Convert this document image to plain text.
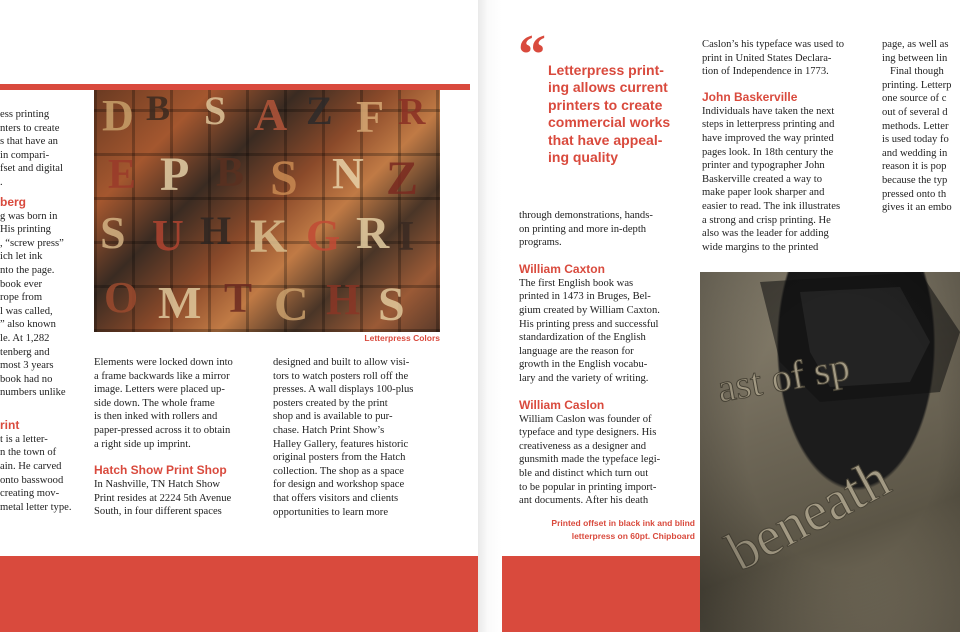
ess printing

nters to create

s that have an

in compari-

fset and digital

.

berg

g was born in

His printing

, “screw press”

ich let ink

nto the page.

book ever

rope from

l was called,

” also known

le. At 1,282

tenberg and

most 3 years

book had no

numbers unlike

rint

t is a letter-

n the town of

ain. He carved

onto basswood

creating mov-

metal letter type.

D B S A Z F R
E P B S N Z
S U H K G R I
O M T C H S
Letterpress Colors

Elements were locked down into

a frame backwards like a mirror

image. Letters were placed up-

side down. The whole frame

is then inked with rollers and

paper-pressed across it to obtain

a right side up imprint.

Hatch Show Print Shop

In Nashville, TN Hatch Show

Print resides at 2224 5th Avenue

South, in four different spaces

designed and built to allow visi-

tors to watch posters roll off the

presses. A wall displays 100-plus

posters created by the print

shop and is available to pur-

chase. Hatch Print Show’s

Halley Gallery, features historic

original posters from the Hatch

collection. The shop as a space

for design and workshop space

that offers visitors and clients

opportunities to learn more

“ Letterpress print-
ing allows current
printers to create
commercial works
that have appeal-
ing quality

through demonstrations, hands-

on printing and more in-depth

programs.

William Caxton

The first English book was

printed in 1473 in Bruges, Bel-

gium created by William Caxton.

His printing press and successful

standardization of the English

language are the reason for

growth in the English vocabu-

lary and the variety of writing.

William Caslon

William Caslon was founder of

typeface and type designers. His

creativeness as a designer and

gunsmith made the typeface legi-

ble and distinct which turn out

to be popular in printing import-

ant documents. After his death

Printed offset in black ink and blind
letterpress on 60pt. Chipboard

Caslon’s his typeface was used to

print in United States Declara-

tion of Independence in 1773.

John Baskerville

Individuals have taken the next

steps in letterpress printing and

have improved the way printed

pages look. In 18th century the

printer and typographer John

Baskerville created a way to

make paper look sharper and

easier to read. The ink illustrates

a strong and crisp printing. He

also was the leader for adding

wide margins to the printed

page, as well as

ing between lin

Final though

printing. Letterp

one source of c

out of several d

methods. Letter

is used today fo

and wedding in

reason it is pop

because the typ

pressed onto th

gives it an embo
